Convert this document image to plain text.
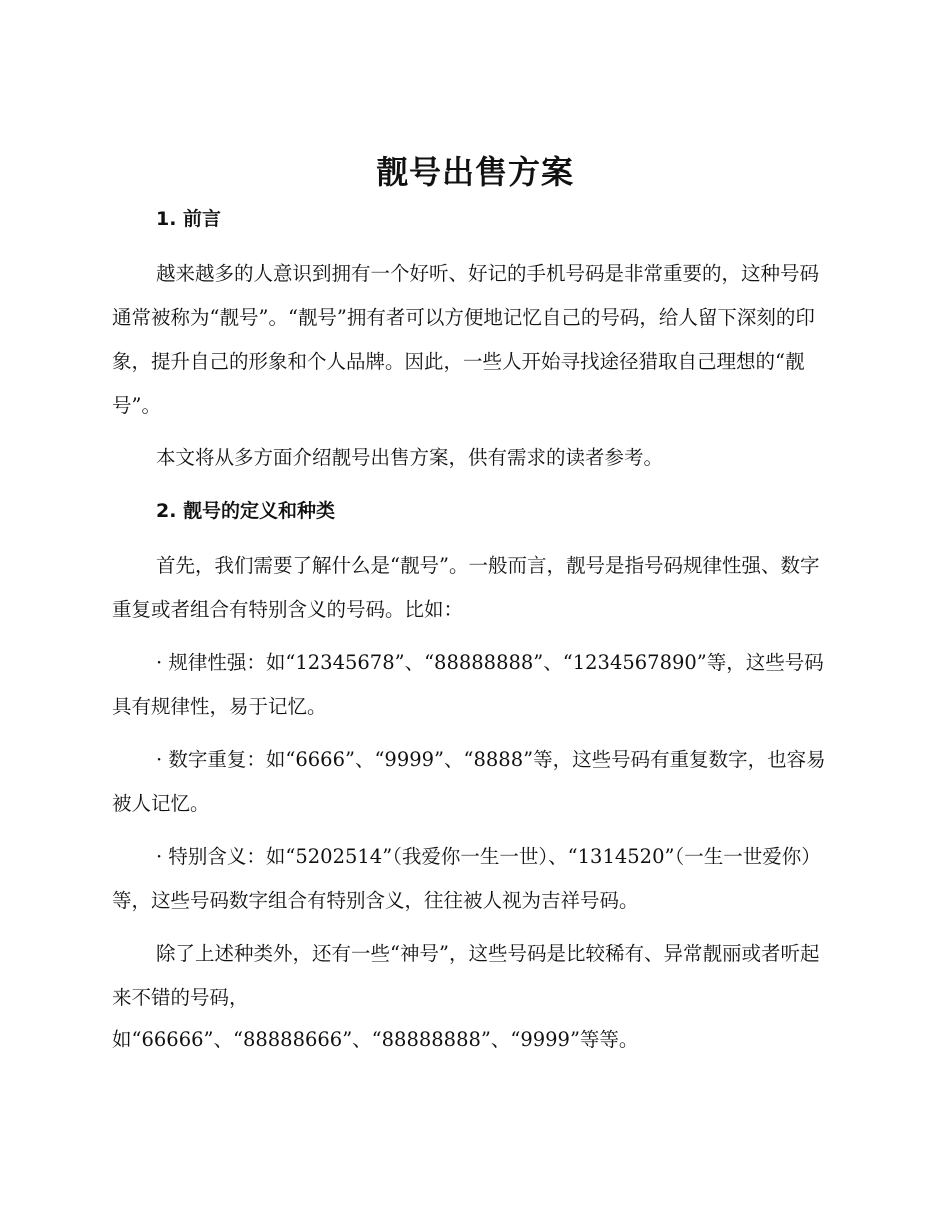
靓号出售方案
1. 前言

越来越多的人意识到拥有一个好听、好记的手机号码是非常重要的，这种号码通常被称为“靓号”。“靓号”拥有者可以方便地记忆自己的号码，给人留下深刻的印象，提升自己的形象和个人品牌。因此，一些人开始寻找途径猎取自己理想的“靓号”。

本文将从多方面介绍靓号出售方案，供有需求的读者参考。

2. 靓号的定义和种类

首先，我们需要了解什么是“靓号”。一般而言，靓号是指号码规律性强、数字重复或者组合有特别含义的号码。比如：

· 规律性强：如“12345678”、“88888888”、“1234567890”等，这些号码具有规律性，易于记忆。

· 数字重复：如“6666”、“9999”、“8888”等，这些号码有重复数字，也容易被人记忆。

· 特别含义：如“5202514”（我爱你一生一世）、“1314520”（一生一世爱你）等，这些号码数字组合有特别含义，往往被人视为吉祥号码。

除了上述种类外，还有一些“神号”，这些号码是比较稀有、异常靓丽或者听起来不错的号码，

如“66666”、“88888666”、“88888888”、“9999”等等。
